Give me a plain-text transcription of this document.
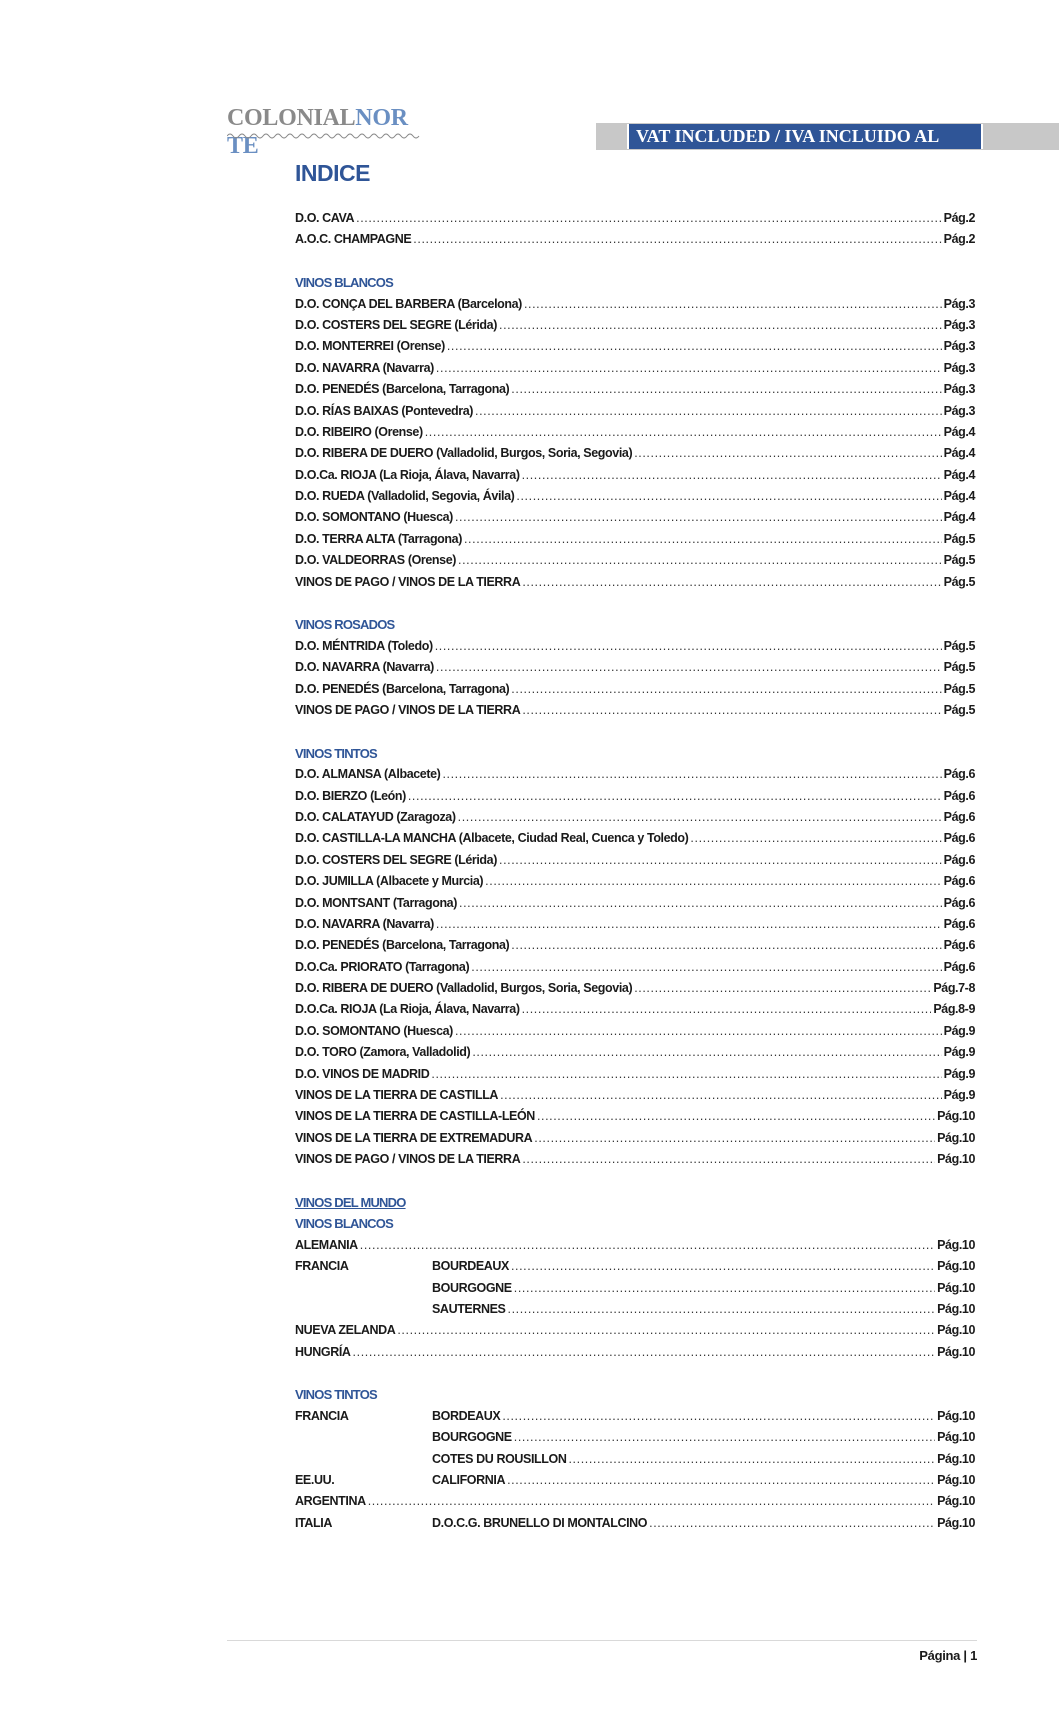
COLONIALNOR
TE	VAT INCLUDED / IVA INCLUIDO AL
INDICE
D.O. CAVA .....	Pág.2
A.O.C. CHAMPAGNE .....	Pág.2
VINOS BLANCOS
D.O. CONÇA DEL BARBERA (Barcelona) .....	Pág.3
D.O. COSTERS DEL SEGRE (Lérida) .....	Pág.3
D.O. MONTERREI (Orense) .....	Pág.3
D.O. NAVARRA (Navarra) .....	Pág.3
D.O. PENEDÉS (Barcelona, Tarragona) .....	Pág.3
D.O. RÍAS BAIXAS (Pontevedra) .....	Pág.3
D.O. RIBEIRO (Orense) .....	Pág.4
D.O. RIBERA DE DUERO (Valladolid, Burgos, Soria, Segovia) .....	Pág.4
D.O.Ca. RIOJA (La Rioja, Álava, Navarra) .....	Pág.4
D.O. RUEDA (Valladolid, Segovia, Ávila) .....	Pág.4
D.O. SOMONTANO (Huesca) .....	Pág.4
D.O. TERRA ALTA (Tarragona) .....	Pág.5
D.O. VALDEORRAS (Orense) .....	Pág.5
VINOS DE PAGO / VINOS DE LA TIERRA .....	Pág.5
VINOS ROSADOS
D.O. MÉNTRIDA (Toledo) .....	Pág.5
D.O. NAVARRA (Navarra) .....	Pág.5
D.O. PENEDÉS (Barcelona, Tarragona) .....	Pág.5
VINOS DE PAGO / VINOS DE LA TIERRA .....	Pág.5
VINOS TINTOS
D.O. ALMANSA (Albacete) .....	Pág.6
D.O. BIERZO (León) .....	Pág.6
D.O. CALATAYUD (Zaragoza) .....	Pág.6
D.O. CASTILLA-LA MANCHA (Albacete, Ciudad Real, Cuenca y Toledo) .....	Pág.6
D.O. COSTERS DEL SEGRE (Lérida) .....	Pág.6
D.O. JUMILLA (Albacete y Murcia) .....	Pág.6
D.O. MONTSANT (Tarragona) .....	Pág.6
D.O. NAVARRA (Navarra) .....	Pág.6
D.O. PENEDÉS (Barcelona, Tarragona) .....	Pág.6
D.O.Ca. PRIORATO (Tarragona) .....	Pág.6
D.O. RIBERA DE DUERO (Valladolid, Burgos, Soria, Segovia) .....	Pág.7-8
D.O.Ca. RIOJA (La Rioja, Álava, Navarra) .....	Pág.8-9
D.O. SOMONTANO (Huesca) .....	Pág.9
D.O. TORO (Zamora, Valladolid) .....	Pág.9
D.O. VINOS DE MADRID .....	Pág.9
VINOS DE LA TIERRA DE CASTILLA .....	Pág.9
VINOS DE LA TIERRA DE CASTILLA-LEÓN .....	Pág.10
VINOS DE LA TIERRA DE EXTREMADURA .....	Pág.10
VINOS DE PAGO / VINOS DE LA TIERRA .....	Pág.10
VINOS DEL MUNDO
VINOS BLANCOS
ALEMANIA .....	Pág.10
FRANCIA	BOURDEAUX .....	Pág.10
BOURGOGNE .....	Pág.10
SAUTERNES .....	Pág.10
NUEVA ZELANDA .....	Pág.10
HUNGRÍA .....	Pág.10
VINOS TINTOS
FRANCIA	BORDEAUX .....	Pág.10
BOURGOGNE .....	Pág.10
COTES DU ROUSILLON .....	Pág.10
EE.UU.	CALIFORNIA .....	Pág.10
ARGENTINA .....	Pág.10
ITALIA	D.O.C.G. BRUNELLO DI MONTALCINO .....	Pág.10
Página | 1
